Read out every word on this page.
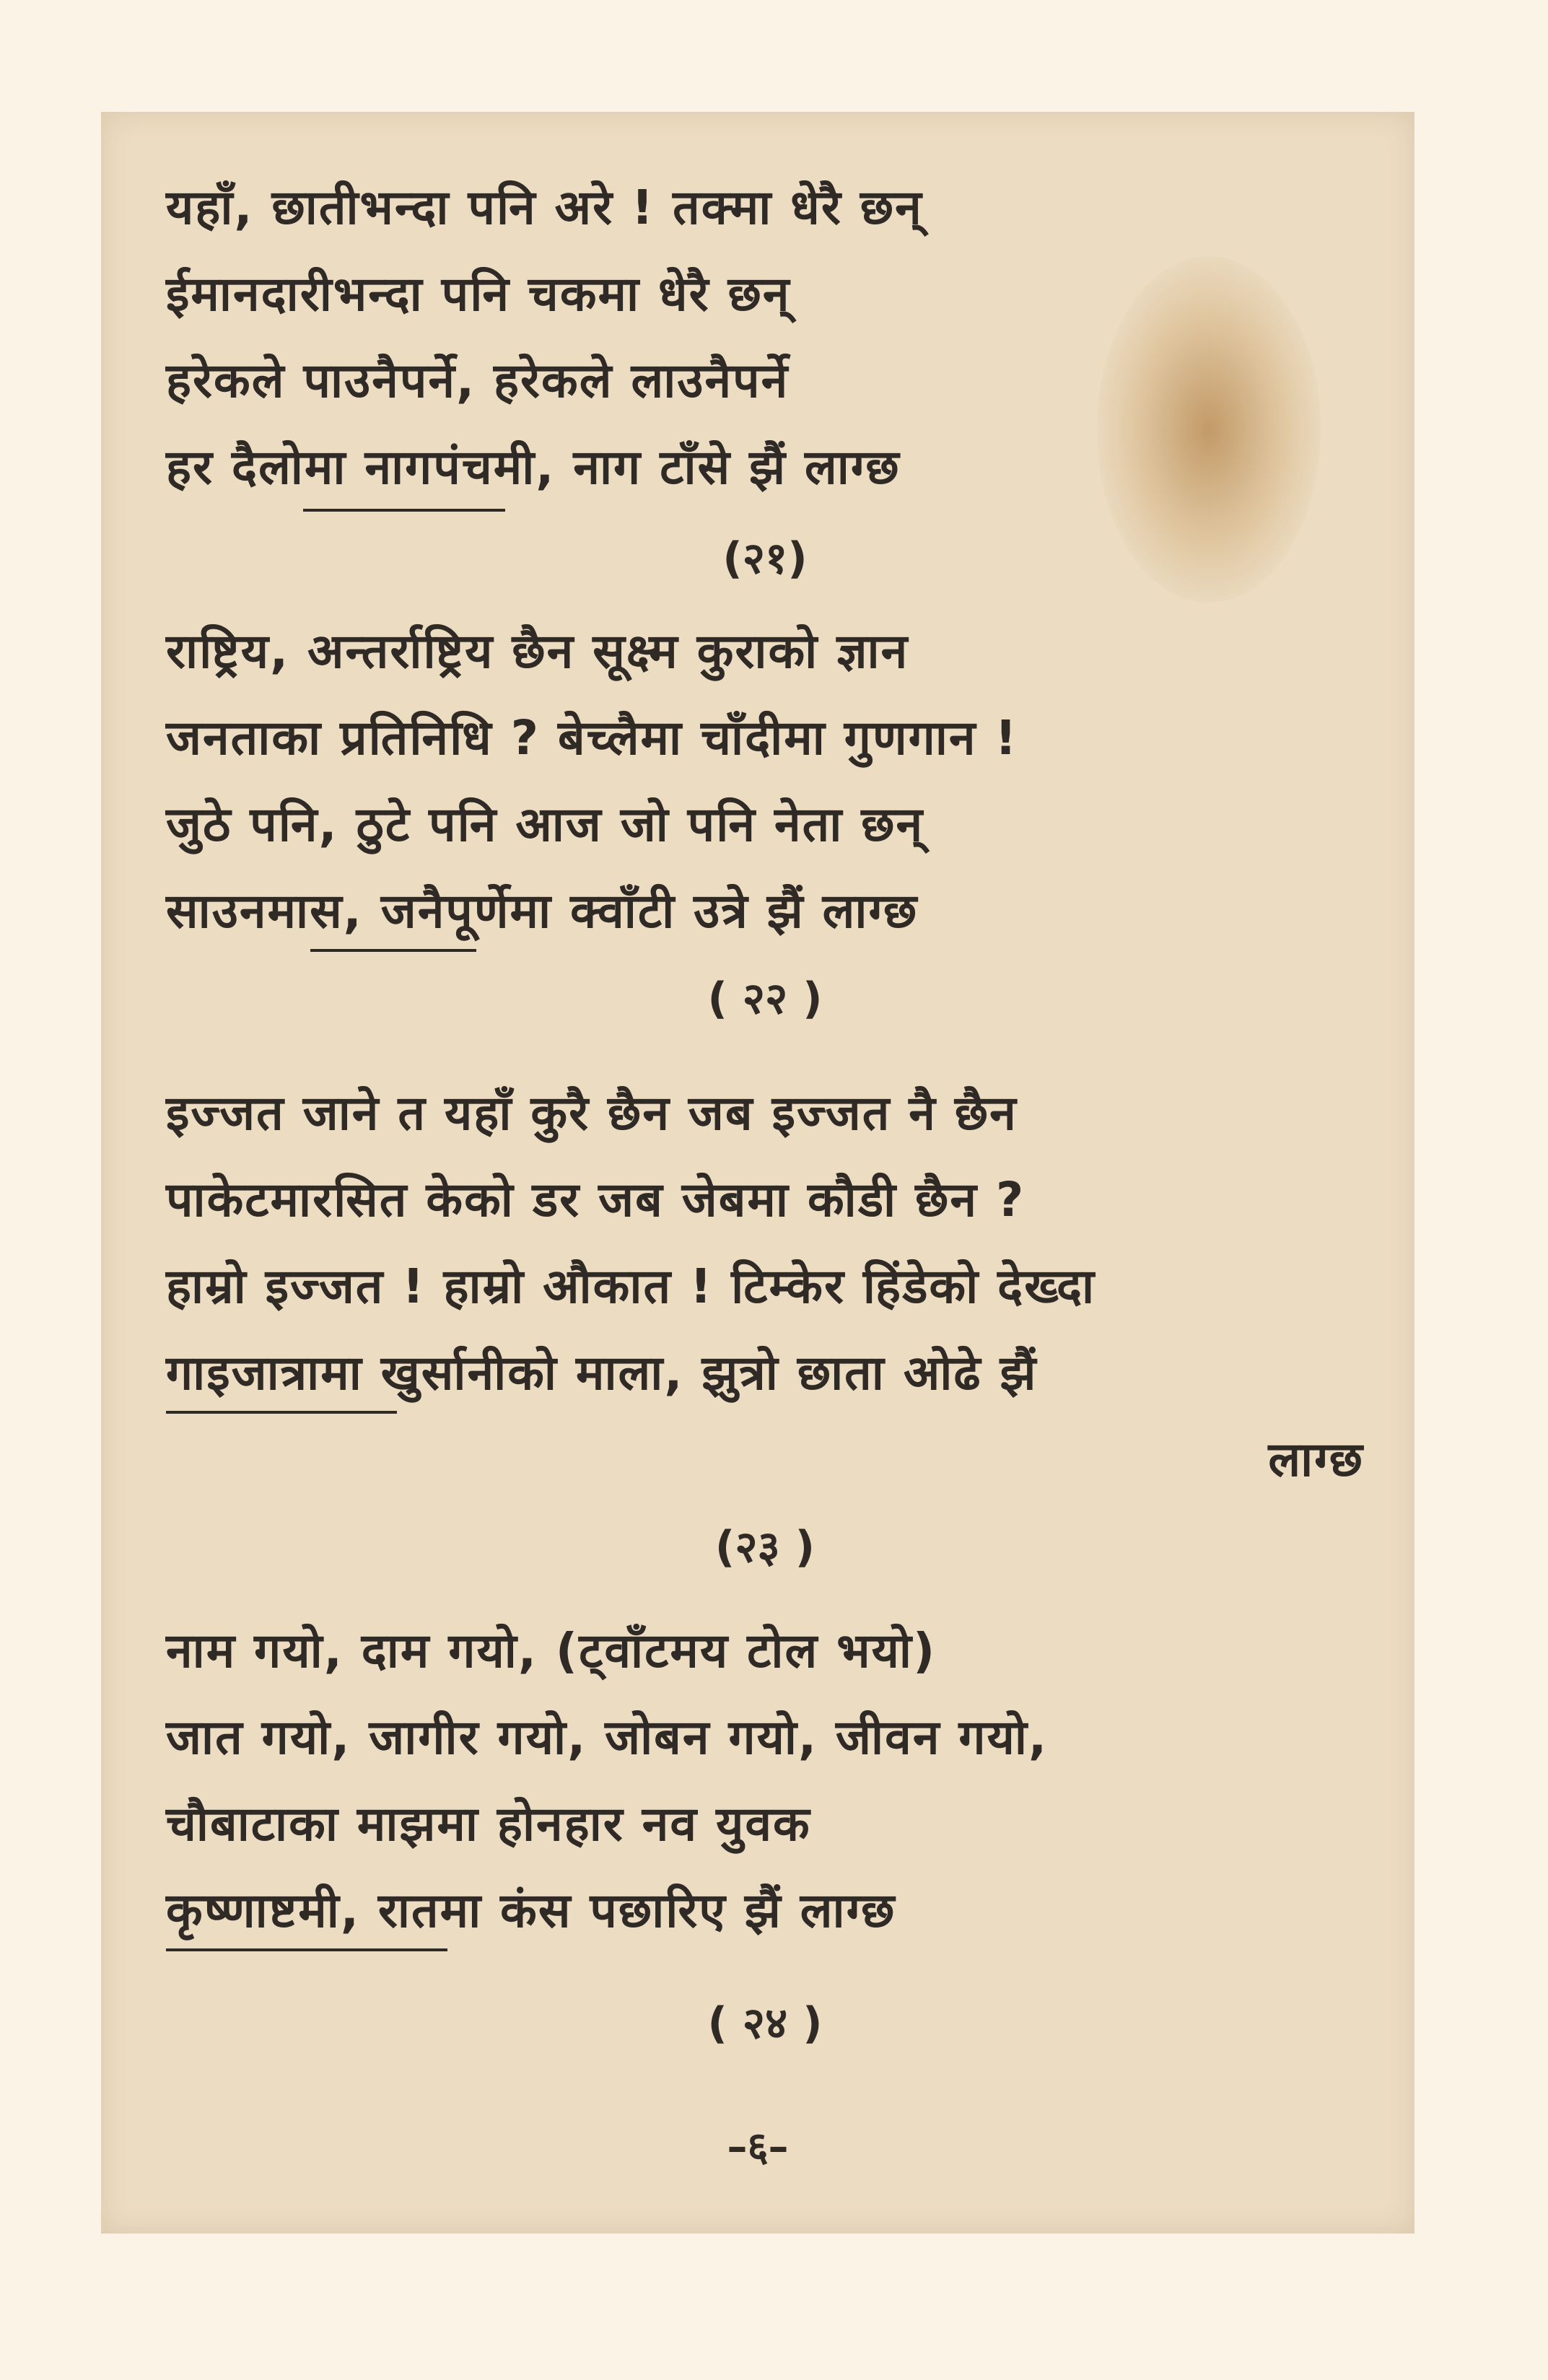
यहाँ, छातीभन्दा पनि अरे ! तक्मा धेरै छन्
ईमानदारीभन्दा पनि चकमा धेरै छन्
हरेकले पाउनैपर्ने, हरेकले लाउनैपर्ने
हर दैलोमा नागपंचमी, नाग टाँसे झैं लाग्छ
(२१)
राष्ट्रिय, अन्तर्राष्ट्रिय छैन सूक्ष्म कुराको ज्ञान
जनताका प्रतिनिधि ? बेच्लैमा चाँदीमा गुणगान !
जुठे पनि, ठुटे पनि आज जो पनि नेता छन्
साउनमास, जनैपूर्णेमा क्वाँटी उत्रे झैं लाग्छ
( २२ )
इज्जत जाने त यहाँ कुरै छैन जब इज्जत नै छैन
पाकेटमारसित केको डर जब जेबमा कौडी छैन ?
हाम्रो इज्जत ! हाम्रो औकात ! टिम्केर हिंडेको देख्दा
गाइजात्रामा खुर्सानीको माला, झुत्रो छाता ओढे झैं
लाग्छ
(२३ )
नाम गयो, दाम गयो, (ट्वाँटमय टोल भयो)
जात गयो, जागीर गयो, जोबन गयो, जीवन गयो,
चौबाटाका माझमा होनहार नव युवक
कृष्णाष्टमी, रातमा कंस पछारिए झैं लाग्छ
( २४ )
–६–
